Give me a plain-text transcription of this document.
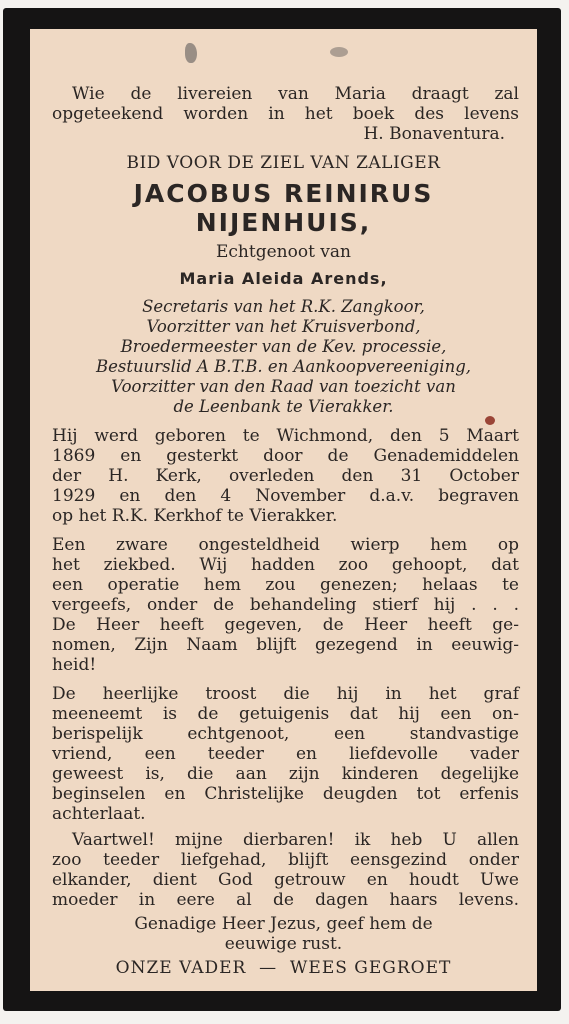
Wie de livereien van Maria draagt zal
opgeteekend worden in het boek des levens
H. Bonaventura.
BID VOOR DE ZIEL VAN ZALIGER
JACOBUS REINIRUS
NIJENHUIS,
Echtgenoot van
Maria Aleida Arends,
Secretaris van het R.K. Zangkoor,
Voorzitter van het Kruisverbond,
Broedermeester van de Kev. processie,
Bestuurslid A B.T.B. en Aankoopvereeniging,
Voorzitter van den Raad van toezicht van
de Leenbank te Vierakker.
Hij werd geboren te Wichmond, den 5 Maart
1869 en gesterkt door de Genademiddelen
der H. Kerk, overleden den 31 October
1929 en den 4 November d.a.v. begraven
op het R.K. Kerkhof te Vierakker.
Een zware ongesteldheid wierp hem op
het ziekbed. Wij hadden zoo gehoopt, dat
een operatie hem zou genezen; helaas te
vergeefs, onder de behandeling stierf hij . . .
De Heer heeft gegeven, de Heer heeft ge-
nomen, Zijn Naam blijft gezegend in eeuwig-
heid!
De heerlijke troost die hij in het graf
meeneemt is de getuigenis dat hij een on-
berispelijk echtgenoot, een standvastige
vriend, een teeder en liefdevolle vader
geweest is, die aan zijn kinderen degelijke
beginselen en Christelijke deugden tot erfenis
achterlaat.
Vaartwel! mijne dierbaren! ik heb U allen
zoo teeder liefgehad, blijft eensgezind onder
elkander, dient God getrouw en houdt Uwe
moeder in eere al de dagen haars levens.
Genadige Heer Jezus, geef hem de
eeuwige rust.
ONZE VADER  —  WEES GEGROET
